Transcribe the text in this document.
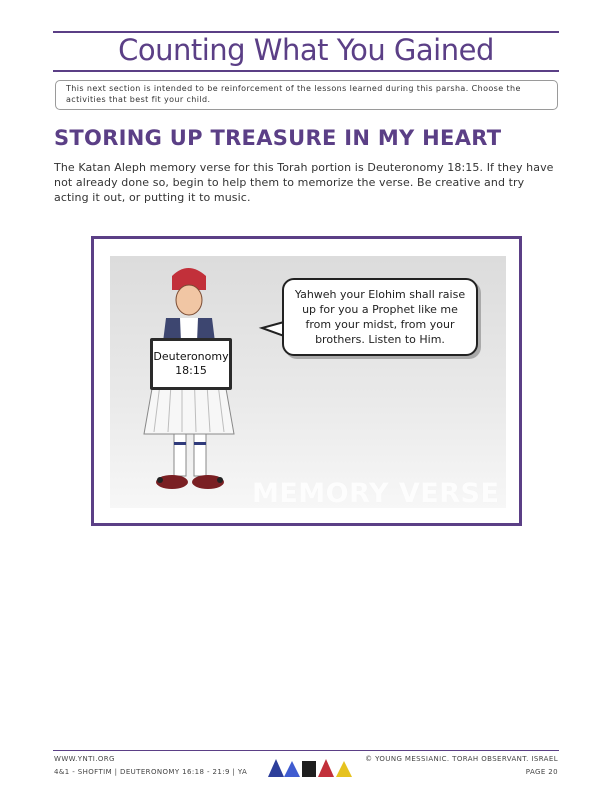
Counting What You Gained
This next section is intended to be reinforcement of the lessons learned during this parsha. Choose the activities that best fit your child.
STORING UP TREASURE IN MY HEART
The Katan Aleph memory verse for this Torah portion is Deuteronomy 18:15. If they have not already done so, begin to help them to memorize the verse. Be creative and try acting it out, or putting it to music.
Deuteronomy
18:15
Yahweh your Elohim shall raise up for you a Prophet like me from your midst, from your brothers. Listen to Him.
MEMORY VERSE
WWW.YNTI.ORG
4&1 - SHOFTIM | DEUTERONOMY 16:18 - 21:9 | YA
© YOUNG MESSIANIC. TORAH OBSERVANT. ISRAEL
PAGE 20
